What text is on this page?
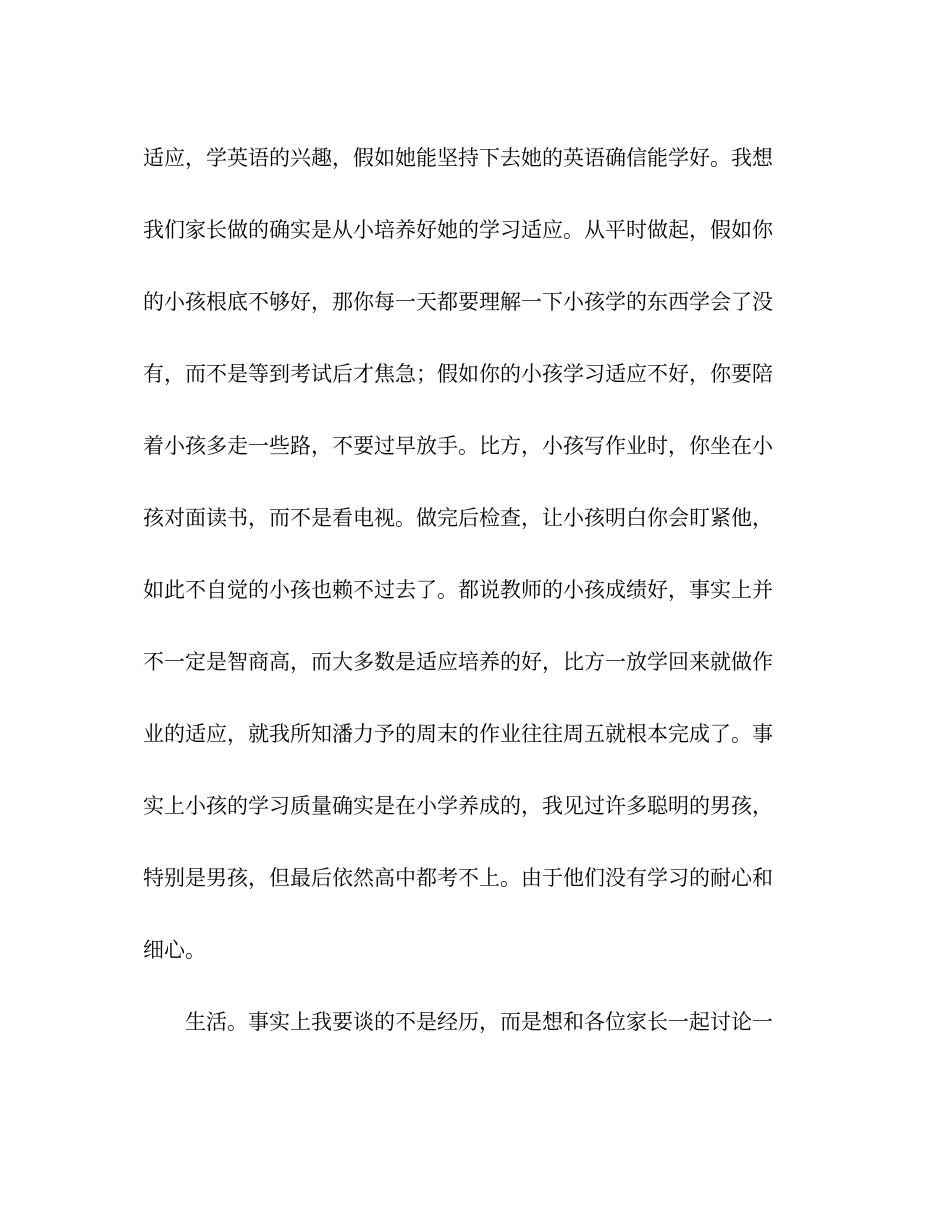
适应，学英语的兴趣，假如她能坚持下去她的英语确信能学好。我想
我们家长做的确实是从小培养好她的学习适应。从平时做起，假如你
的小孩根底不够好，那你每一天都要理解一下小孩学的东西学会了没
有，而不是等到考试后才焦急；假如你的小孩学习适应不好，你要陪
着小孩多走一些路，不要过早放手。比方，小孩写作业时，你坐在小
孩对面读书，而不是看电视。做完后检查，让小孩明白你会盯紧他，
如此不自觉的小孩也赖不过去了。都说教师的小孩成绩好，事实上并
不一定是智商高，而大多数是适应培养的好，比方一放学回来就做作
业的适应，就我所知潘力予的周末的作业往往周五就根本完成了。事
实上小孩的学习质量确实是在小学养成的，我见过许多聪明的男孩，
特别是男孩，但最后依然高中都考不上。由于他们没有学习的耐心和
细心。
生活。事实上我要谈的不是经历，而是想和各位家长一起讨论一
